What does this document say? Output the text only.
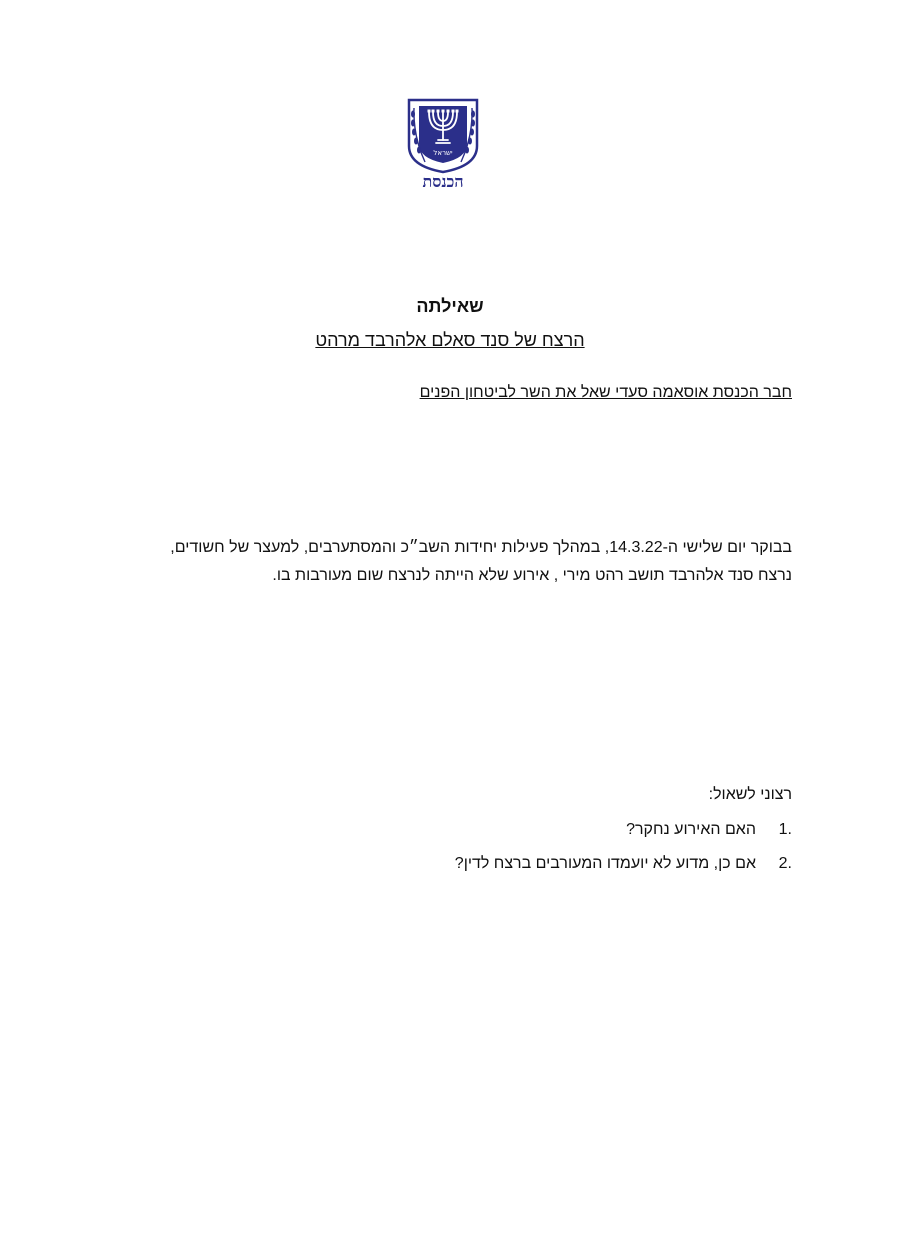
ישראל
הכנסת
שאילתה
הרצח של סנד סאלם אלהרבד מרהט
חבר הכנסת אוסאמה סעדי שאל את השר לביטחון הפנים

בבוקר יום שלישי ה-14.3.22, במהלך פעילות יחידות השב״כ והמסתערבים, למעצר של חשודים,

נרצח סנד אלהרבד תושב רהט מירי , אירוע שלא הייתה לנרצח שום מעורבות בו.

רצוני לשאול:
1.
האם האירוע נחקר?
2.
אם כן, מדוע לא יועמדו המעורבים ברצח לדין?
